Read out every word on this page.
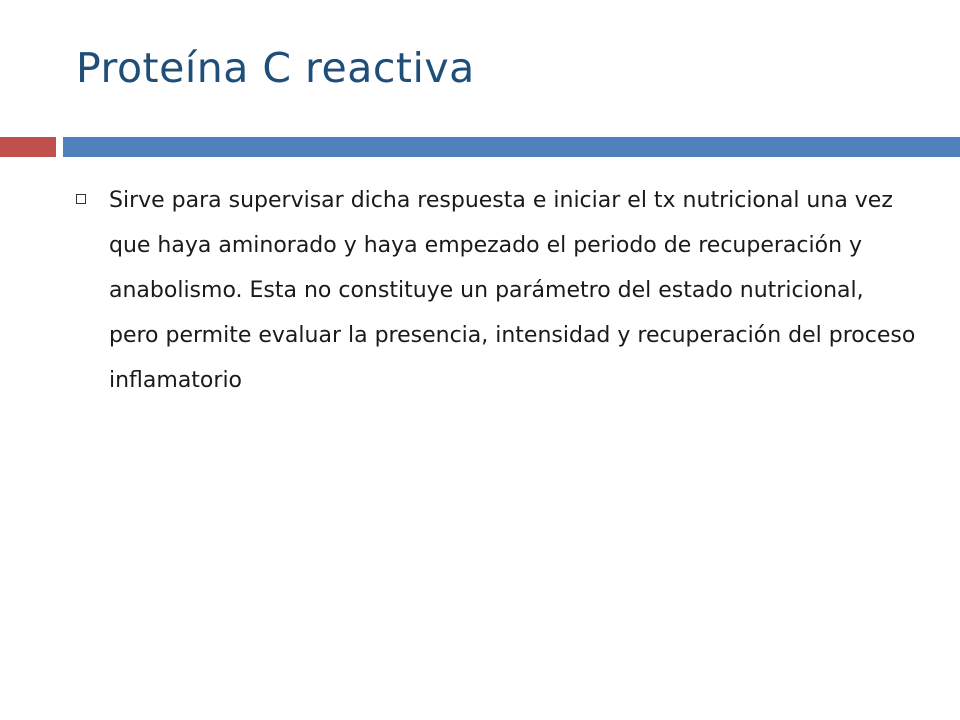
Proteína C reactiva
Sirve para supervisar dicha respuesta e iniciar el tx nutricional una vez que haya aminorado y haya empezado el periodo de recuperación y anabolismo. Esta no constituye un parámetro del estado nutricional, pero permite evaluar la presencia, intensidad y recuperación del proceso inflamatorio
